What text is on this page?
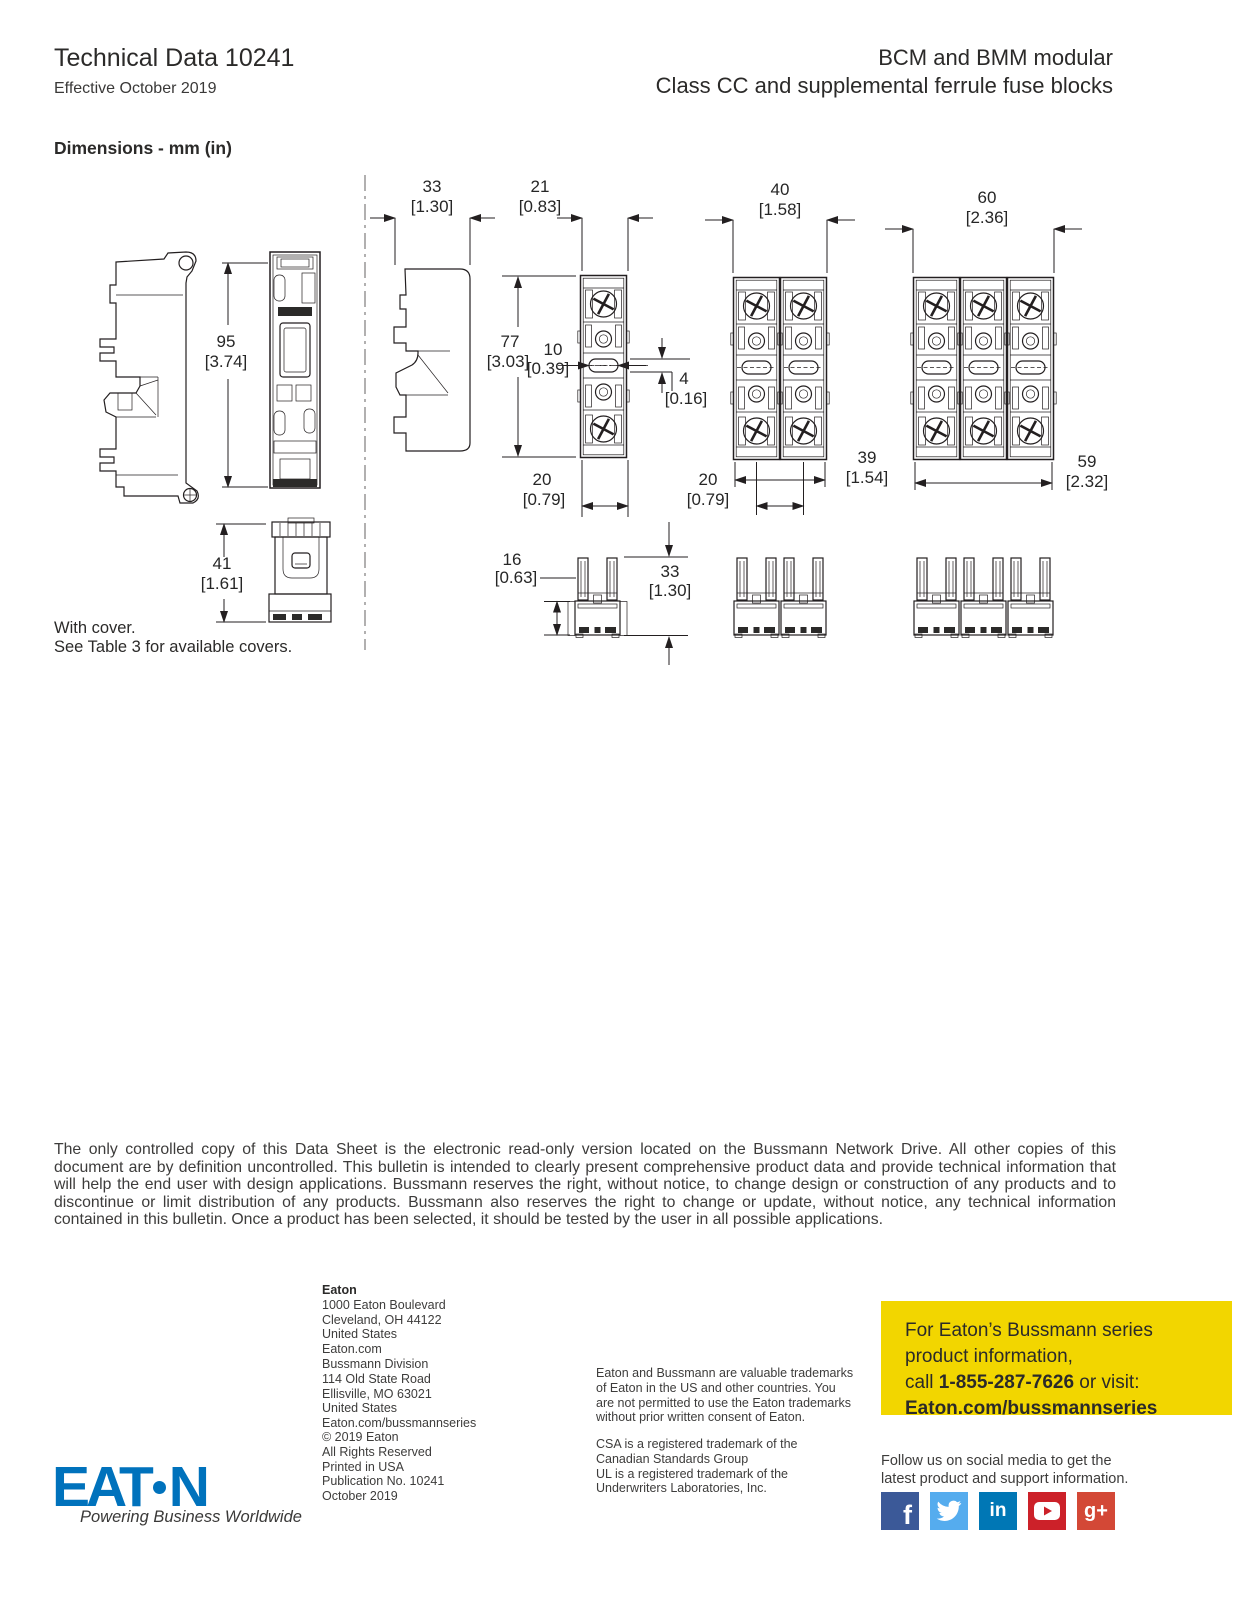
Technical Data 10241
Effective October 2019
BCM and BMM modular
Class CC and supplemental ferrule fuse blocks
Dimensions - mm (in)
95
[3.74]
41
[1.61]
33
[1.30]
21
[0.83]
77
[3.03]
10
[0.39]
4
[0.16]
20
[0.79]
40
[1.58]
39
[1.54]
20
[0.79]
60
[2.36]
59
[2.32]
16
[0.63]	33
[1.30]
With cover.
See Table 3 for available covers.
The only controlled copy of this Data Sheet is the electronic read-only version located on the Bussmann Network Drive. All other copies of this document are by definition uncontrolled. This bulletin is intended to clearly present comprehensive product data and provide technical information that will help the end user with design applications. Bussmann reserves the right, without notice, to change design or construction of any products and to discontinue or limit distribution of any products. Bussmann also reserves the right to change or update, without notice, any technical information contained in this bulletin. Once a product has been selected, it should be tested by the user in all possible applications.
Eaton
1000 Eaton Boulevard
Cleveland, OH 44122
United States
Eaton.com
Bussmann Division
114 Old State Road
Ellisville, MO 63021
United States
Eaton.com/bussmannseries
© 2019 Eaton
All Rights Reserved
Printed in USA
Publication No. 10241
October 2019
Eaton and Bussmann are valuable trademarks of Eaton in the US and other countries. You are not permitted to use the Eaton trademarks without prior written consent of Eaton.
CSA is a registered trademark of the Canadian Standards Group
UL is a registered trademark of the Underwriters Laboratories, Inc.
For Eaton’s Bussmann series
product information,
call 1-855-287-7626 or visit:
Eaton.com/bussmannseries
Follow us on social media to get the
latest product and support information.
f	in	g+
EAT N
Powering Business Worldwide
